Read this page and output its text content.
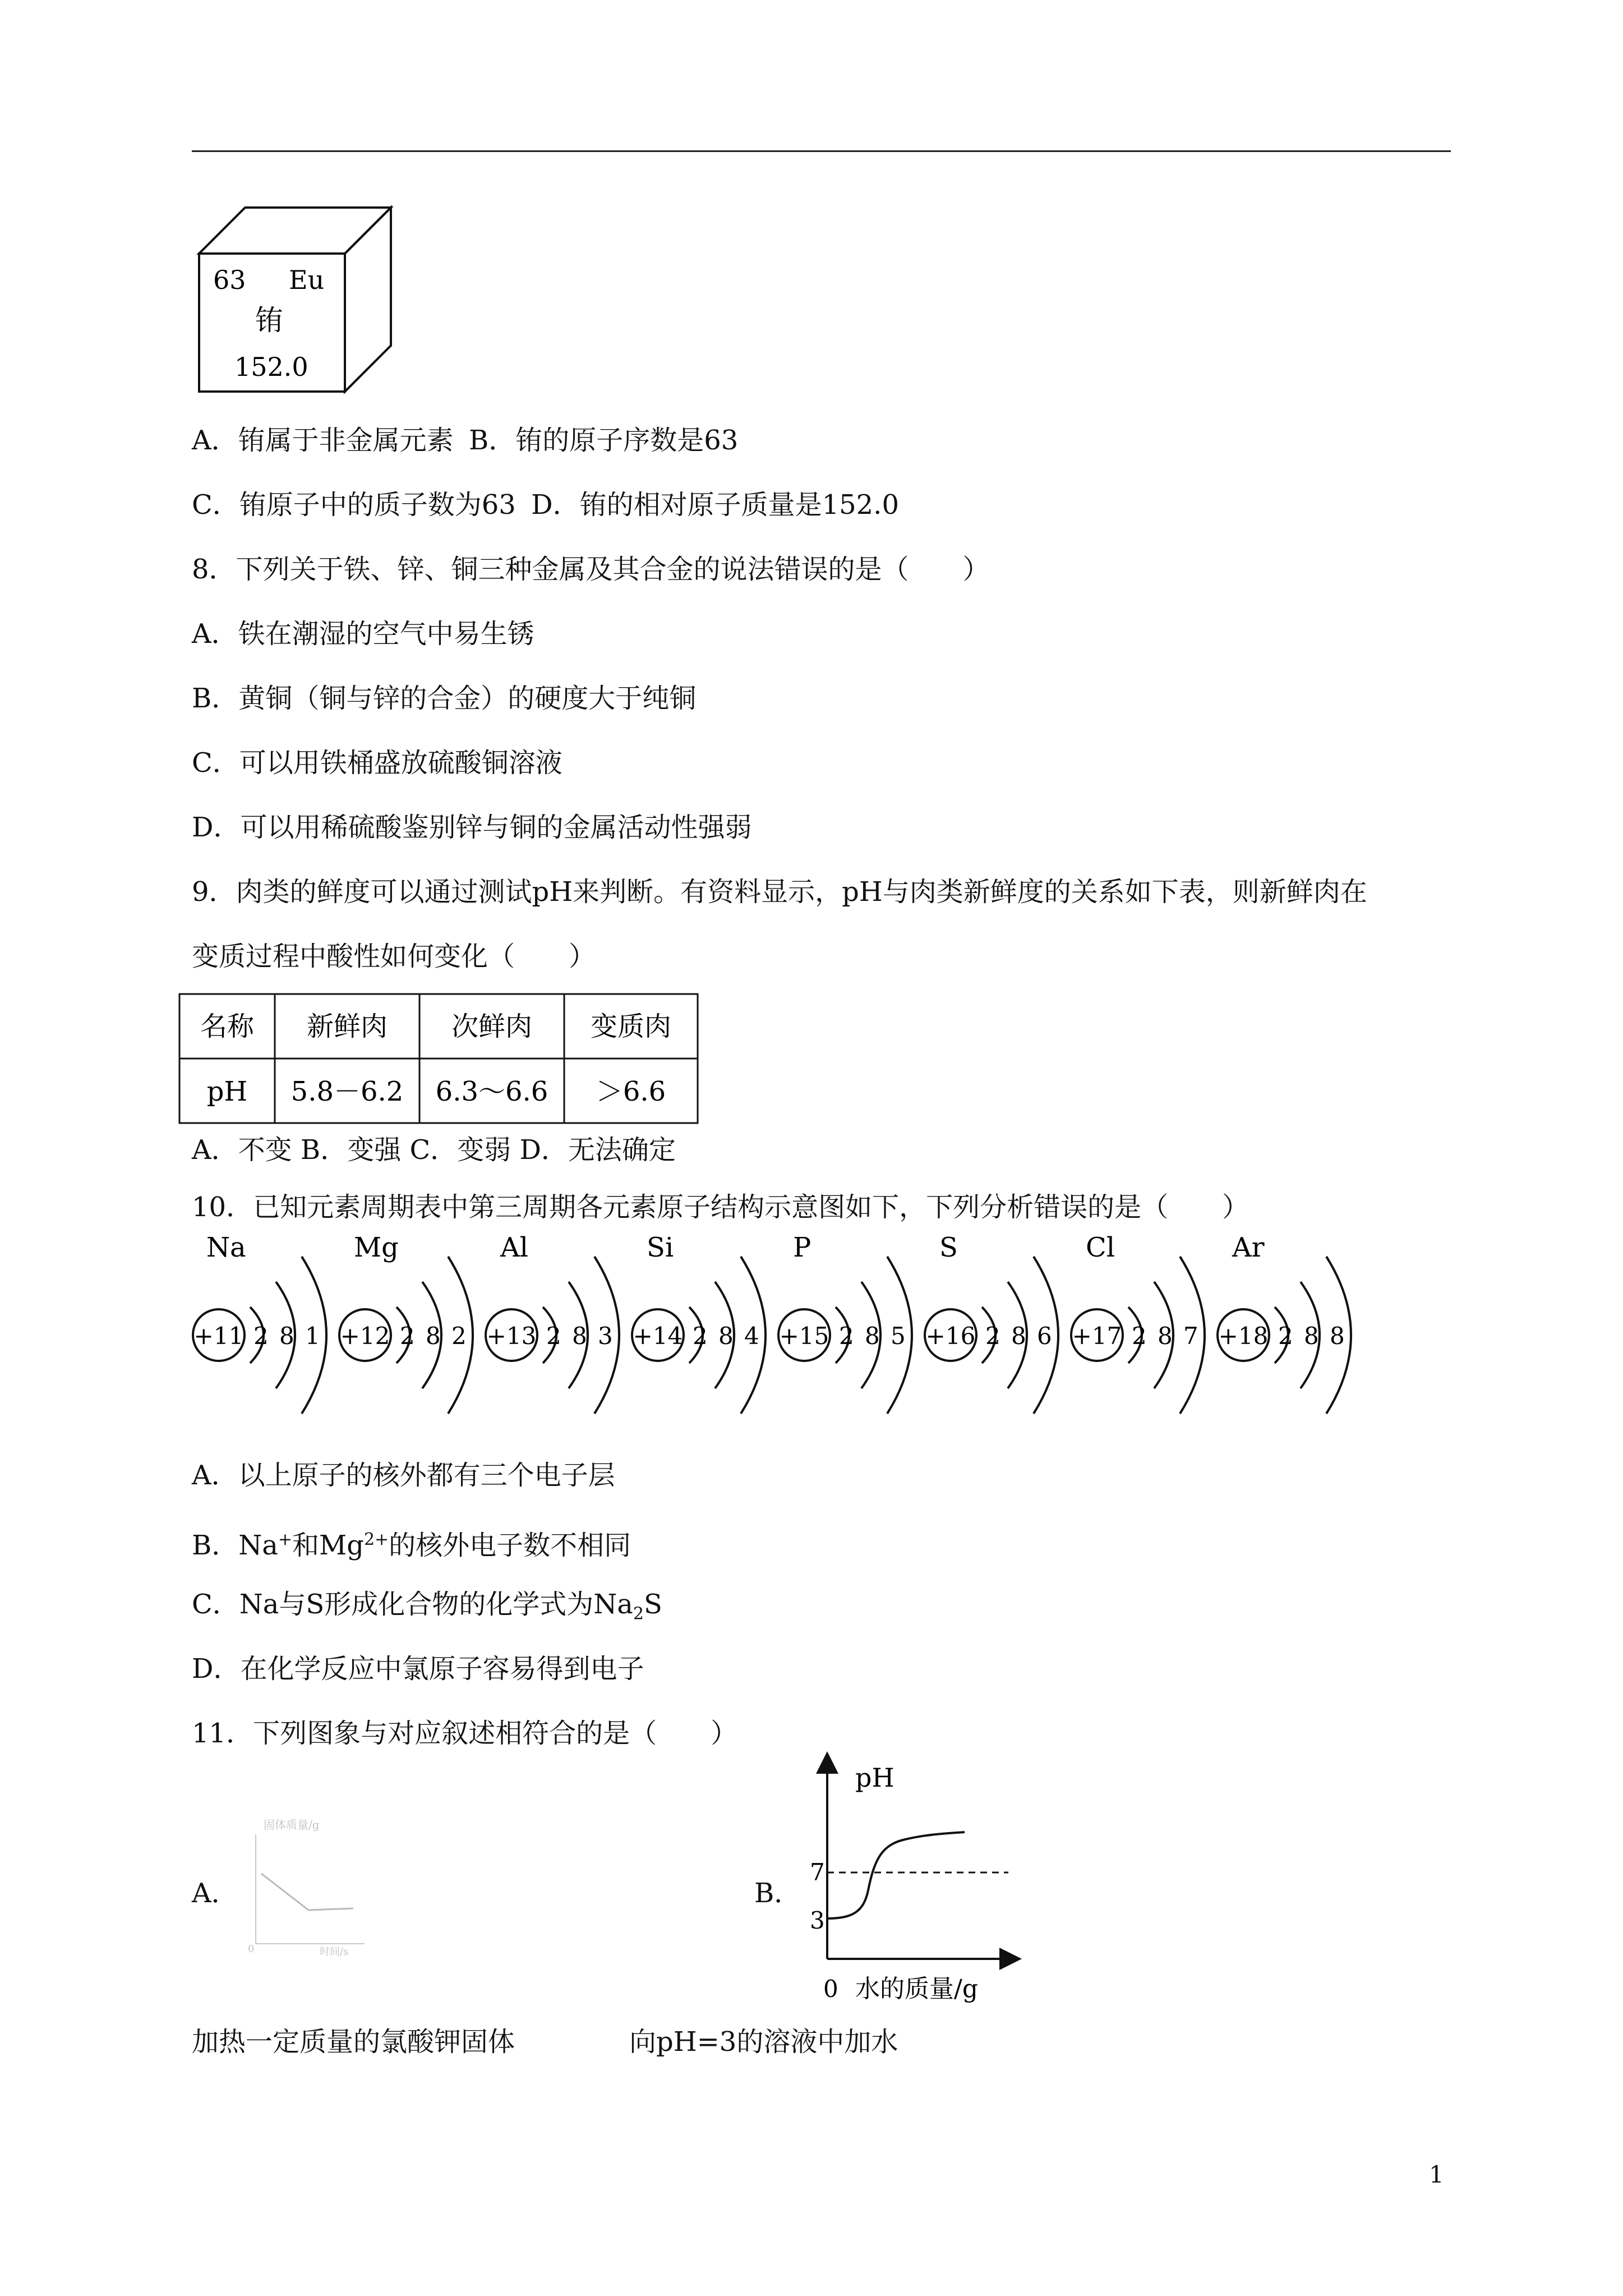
63 Eu
铕
152.0
A．铕属于非金属元素 B．铕的原子序数是63
C．铕原子中的质子数为63 D．铕的相对原子质量是152.0
8．下列关于铁、锌、铜三种金属及其合金的说法错误的是（　　）
A．铁在潮湿的空气中易生锈
B．黄铜（铜与锌的合金）的硬度大于纯铜
C．可以用铁桶盛放硫酸铜溶液
D．可以用稀硫酸鉴别锌与铜的金属活动性强弱
9．肉类的鲜度可以通过测试pH来判断。有资料显示，pH与肉类新鲜度的关系如下表，则新鲜肉在
变质过程中酸性如何变化（　　）
名称 新鲜肉 次鲜肉 变质肉
pH 5.8－6.2 6.3～6.6 ＞6.6
A．不变 B．变强 C．变弱 D．无法确定
10．已知元素周期表中第三周期各元素原子结构示意图如下，下列分析错误的是（　　）
Na
+11 2 8 1
Mg
+12 2 8 2
Al
+13 2 8 3
Si
+14 2 8 4
P
+15 2 8 5
S
+16 2 8 6
Cl
+17 2 8 7
Ar
+18 2 8 8
A．以上原子的核外都有三个电子层
B．Na+和$Mg^{2+}$的核外电子数不相同
C．Na与S形成化合物的化学式为$Na_2S$
D．在化学反应中氯原子容易得到电子
11．下列图象与对应叙述相符合的是（　　）
A．
固体质量/g
时间/s
0
B．
pH
7
3
0 水的质量/g
加热一定质量的氯酸钾固体	向pH=3的溶液中加水
1
